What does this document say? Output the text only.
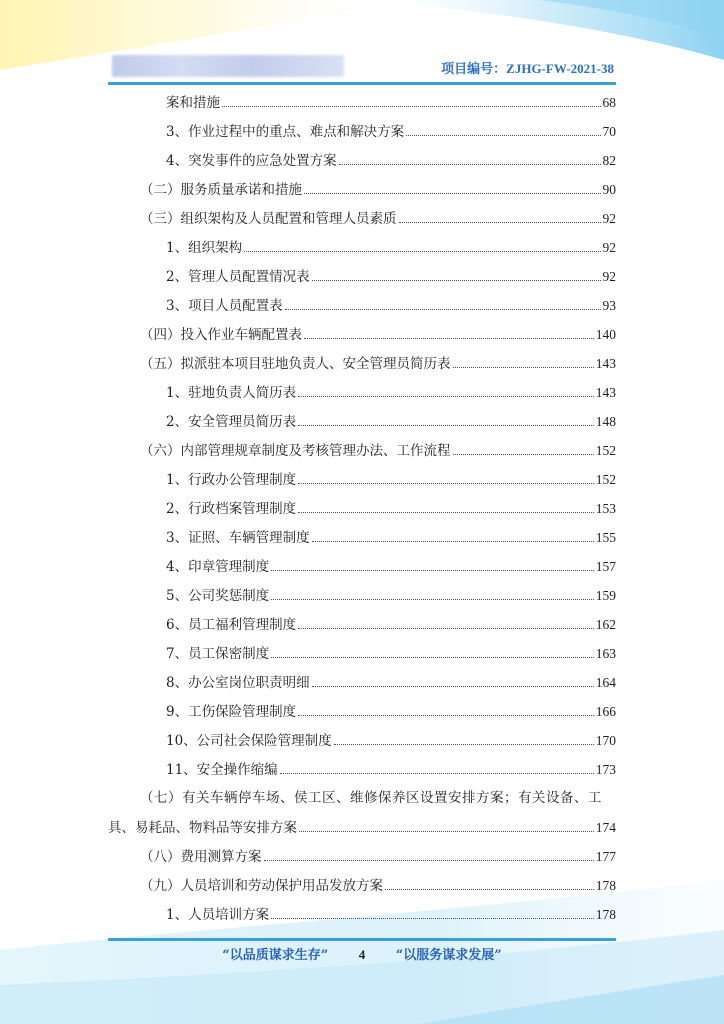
项目编号：ZJHG-FW-2021-38
案和措施	68
3、作业过程中的重点、难点和解决方案	70
4、突发事件的应急处置方案	82
（二）服务质量承诺和措施	90
（三）组织架构及人员配置和管理人员素质	92
1、组织架构	92
2、管理人员配置情况表	92
3、项目人员配置表	93
（四）投入作业车辆配置表	140
（五）拟派驻本项目驻地负责人、安全管理员简历表	143
1、驻地负责人简历表	143
2、安全管理员简历表	148
（六）内部管理规章制度及考核管理办法、工作流程	152
1、行政办公管理制度	152
2、行政档案管理制度	153
3、证照、车辆管理制度	155
4、印章管理制度	157
5、公司奖惩制度	159
6、员工福利管理制度	162
7、员工保密制度	163
8、办公室岗位职责明细	164
9、工伤保险管理制度	166
10、公司社会保险管理制度	170
11、安全操作缩编	173
（七）有关车辆停车场、侯工区、维修保养区设置安排方案；有关设备、工
具、易耗品、物料品等安排方案	174
（八）费用测算方案	177
（九）人员培训和劳动保护用品发放方案	178
1、人员培训方案	178
“以品质谋求生存” 4 “以服务谋求发展”
